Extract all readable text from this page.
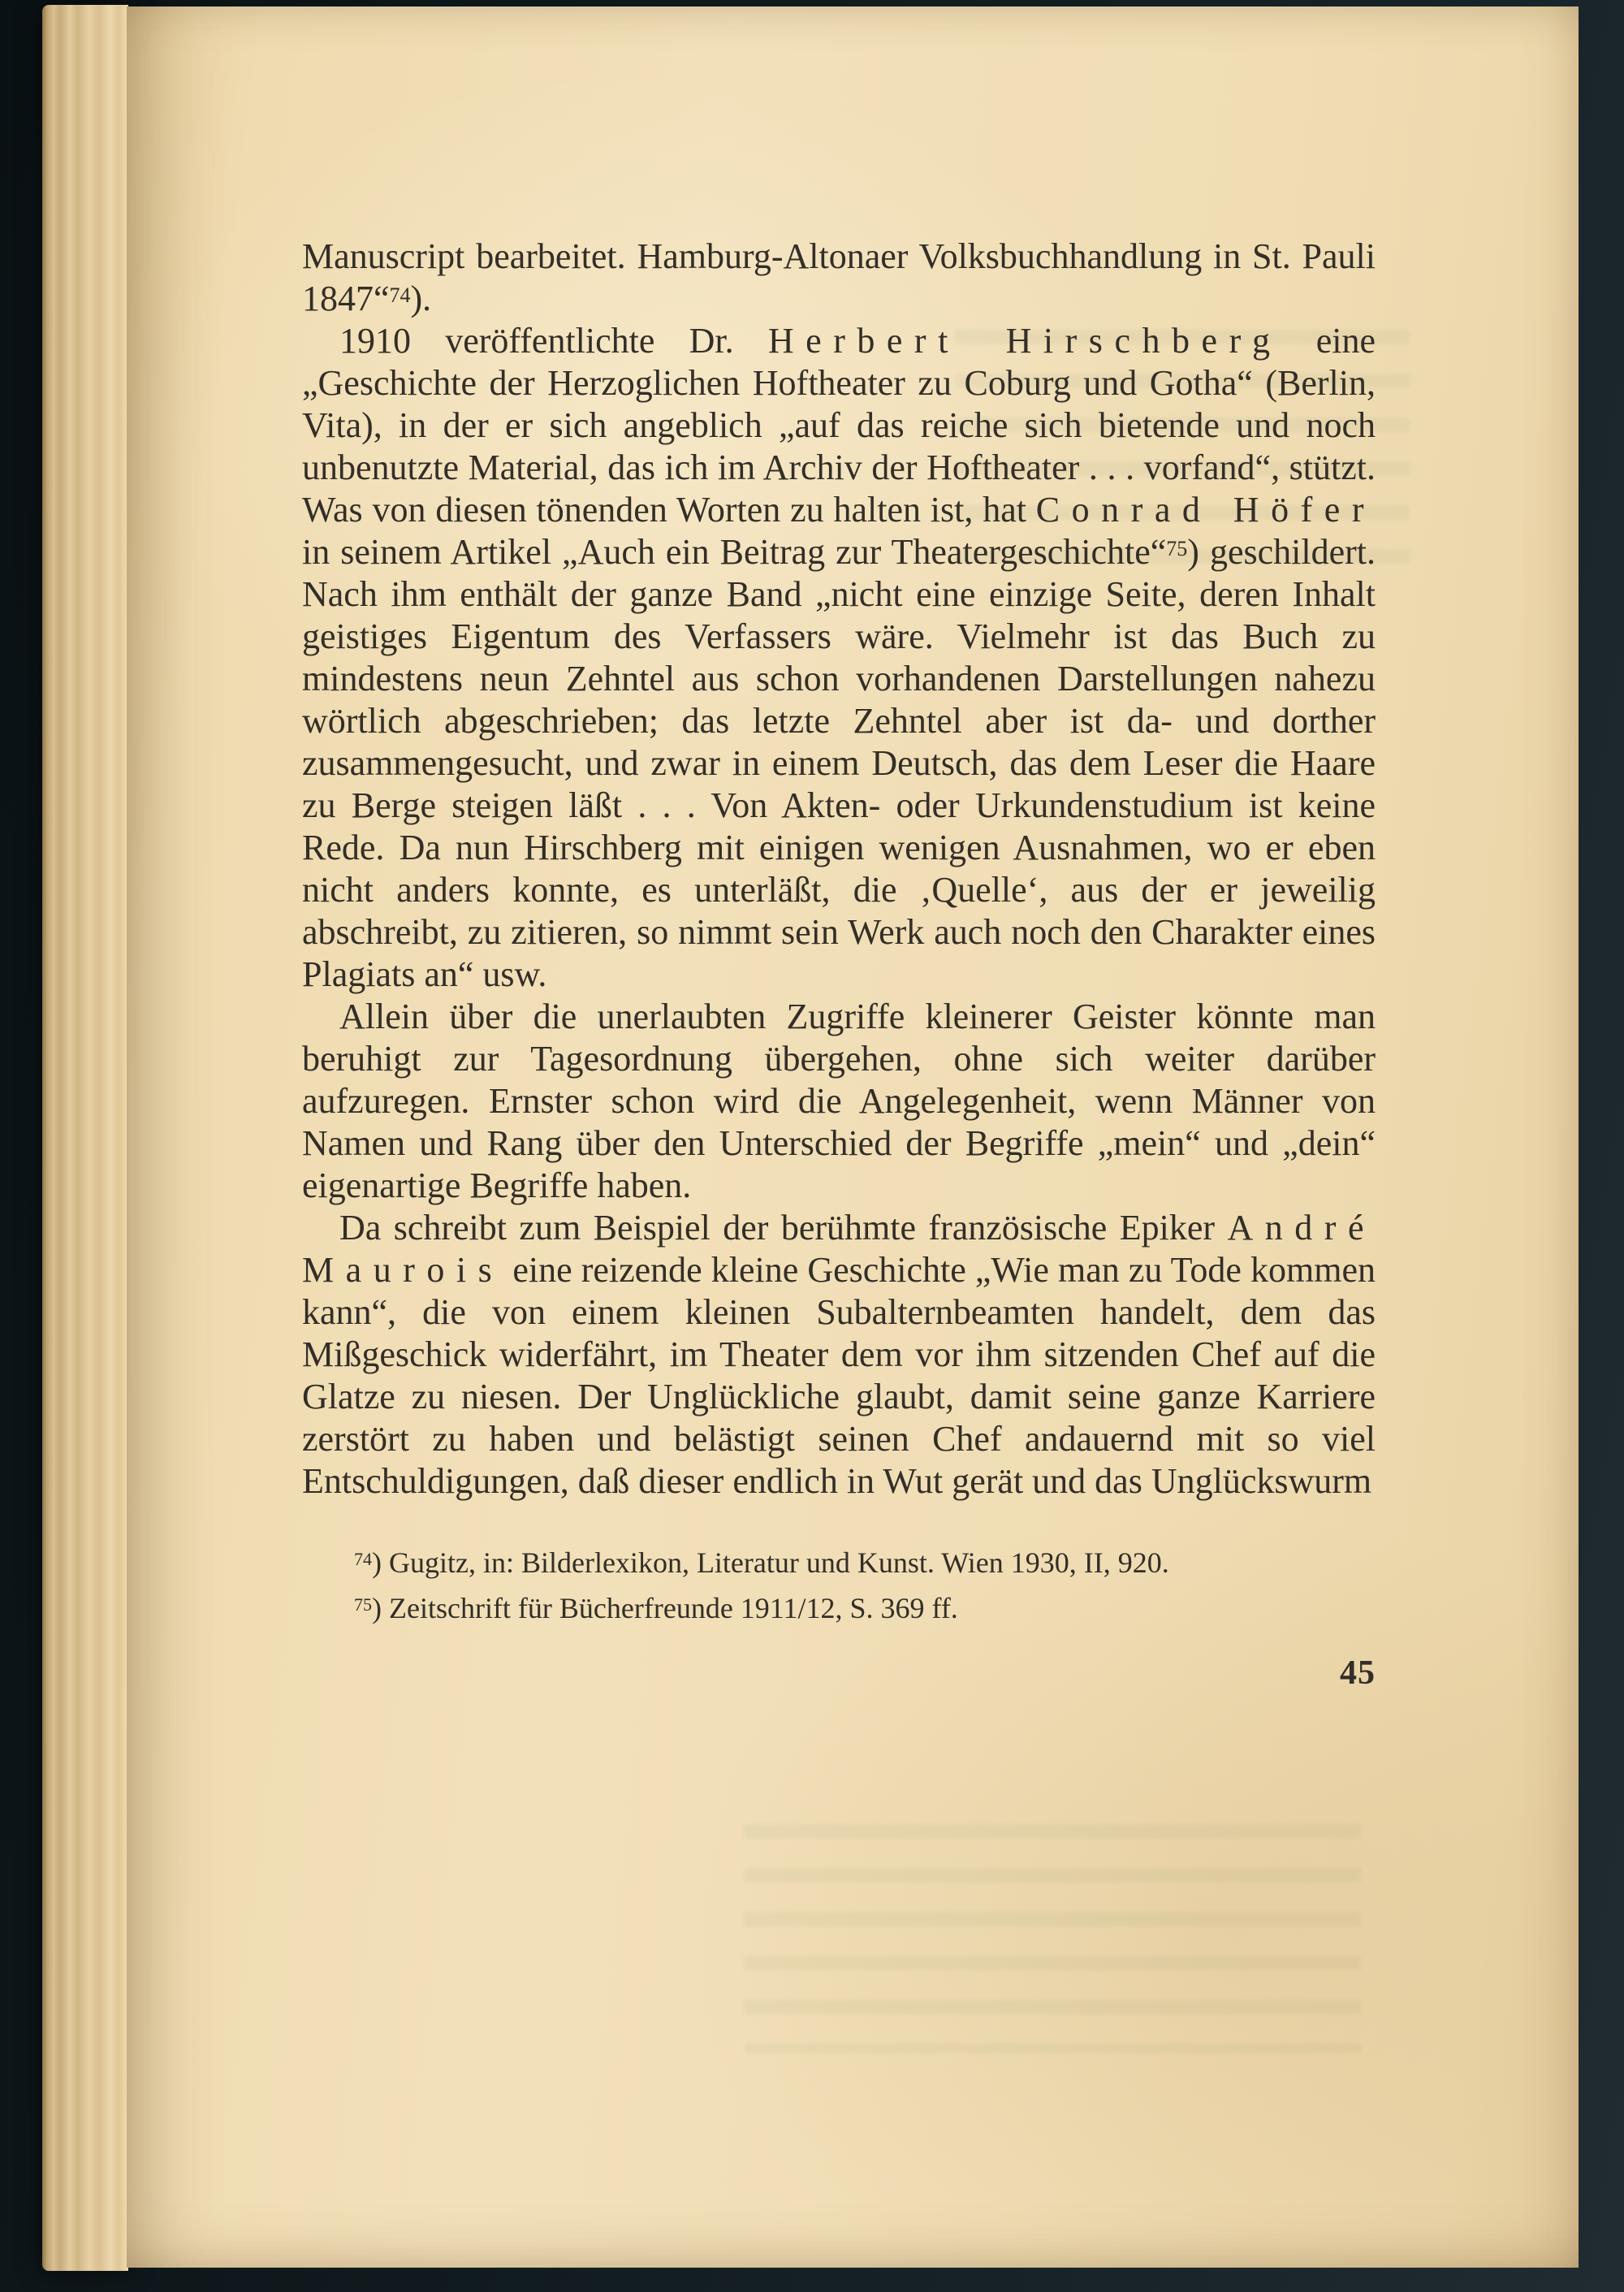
Manuscript bearbeitet. Hamburg-Altonaer Volksbuchhandlung in St. Pauli 1847“$^{74}$).

1910 veröffentlichte Dr. Herbert Hirschberg eine „Geschichte der Herzoglichen Hoftheater zu Coburg und Gotha“ (Berlin, Vita), in der er sich angeblich „auf das reiche sich bietende und noch unbenutzte Material, das ich im Archiv der Hoftheater . . . vorfand“, stützt. Was von diesen tönenden Worten zu halten ist, hat Conrad Höfer in seinem Artikel „Auch ein Beitrag zur Theatergeschichte“$^{75}$) geschildert. Nach ihm enthält der ganze Band „nicht eine einzige Seite, deren Inhalt geistiges Eigentum des Verfassers wäre. Vielmehr ist das Buch zu mindestens neun Zehntel aus schon vorhandenen Darstellungen nahezu wörtlich abgeschrieben; das letzte Zehntel aber ist da- und dorther zusammengesucht, und zwar in einem Deutsch, das dem Leser die Haare zu Berge steigen läßt . . . Von Akten- oder Urkundenstudium ist keine Rede. Da nun Hirschberg mit einigen wenigen Ausnahmen, wo er eben nicht anders konnte, es unterläßt, die ‚Quelle‘, aus der er jeweilig abschreibt, zu zitieren, so nimmt sein Werk auch noch den Charakter eines Plagiats an“ usw.

Allein über die unerlaubten Zugriffe kleinerer Geister könnte man beruhigt zur Tagesordnung übergehen, ohne sich weiter darüber aufzuregen. Ernster schon wird die Angelegenheit, wenn Männer von Namen und Rang über den Unterschied der Begriffe „mein“ und „dein“ eigenartige Begriffe haben.

Da schreibt zum Beispiel der berühmte französische Epiker André Maurois eine reizende kleine Geschichte „Wie man zu Tode kommen kann“, die von einem kleinen Subalternbeamten handelt, dem das Mißgeschick widerfährt, im Theater dem vor ihm sitzenden Chef auf die Glatze zu niesen. Der Unglückliche glaubt, damit seine ganze Karriere zerstört zu haben und belästigt seinen Chef andauernd mit so viel Entschuldigungen, daß dieser endlich in Wut gerät und das Unglückswurm

$^{74}$) Gugitz, in: Bilderlexikon, Literatur und Kunst. Wien 1930, II, 920.

$^{75}$) Zeitschrift für Bücherfreunde 1911/12, S. 369 ff.

45
